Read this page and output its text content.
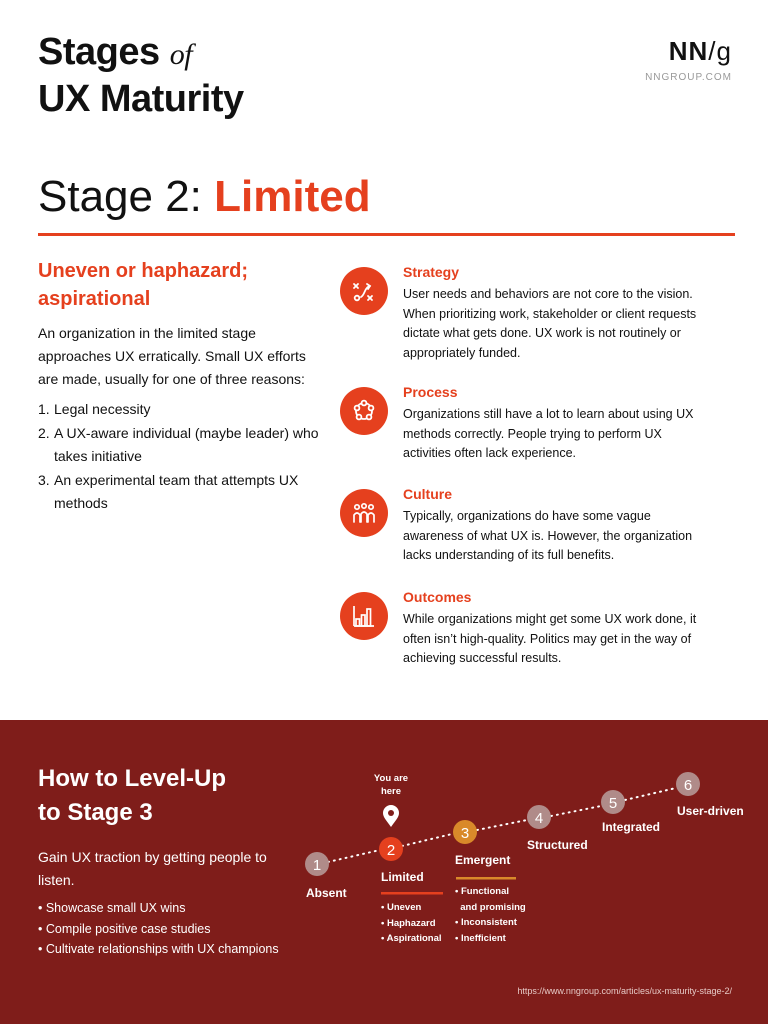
Stages of
UX Maturity
NN/g
NNGROUP.COM
Stage 2: Limited
Uneven or haphazard; aspirational
An organization in the limited stage approaches UX erratically. Small UX efforts are made, usually for one of three reasons:
1. Legal necessity
2. A UX-aware individual (maybe leader) who takes initiative
3. An experimental team that attempts UX methods
Strategy
User needs and behaviors are not core to the vision. When prioritizing work, stakeholder or client requests dictate what gets done. UX work is not routinely or appropriately funded.
Process
Organizations still have a lot to learn about using UX methods correctly. People trying to perform UX activities often lack experience.
Culture
Typically, organizations do have some vague awareness of what UX is. However, the organization lacks understanding of its full benefits.
Outcomes
While organizations might get some UX work done, it often isn’t high-quality. Politics may get in the way of achieving successful results.
How to Level-Up
to Stage 3
Gain UX traction by getting people to listen.
• Showcase small UX wins
• Compile positive case studies
• Cultivate relationships with UX champions
1
2
3
4
5
6
You are here
Absent
Limited
Emergent
Structured
Integrated
User-driven
• Uneven
• Haphazard
• Aspirational
• Functional
and promising
• Inconsistent
• Inefficient
https://www.nngroup.com/articles/ux-maturity-stage-2/
